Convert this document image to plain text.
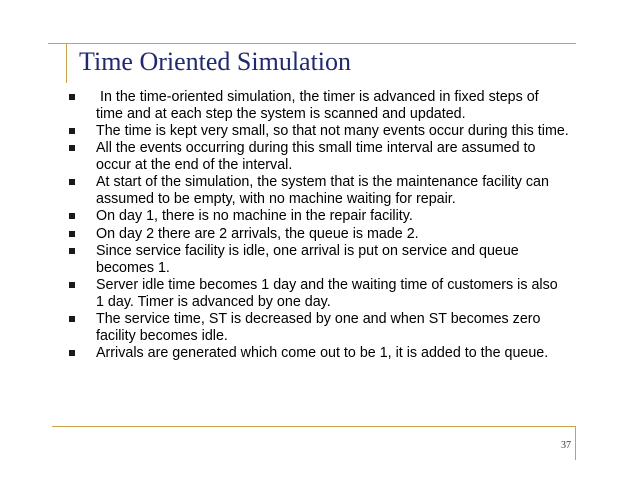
Time Oriented Simulation
In the time-oriented simulation, the timer is advanced in fixed steps of time and at each step the system is scanned and updated.
The time is kept very small, so that not many events occur during this time.
All the events occurring during this small time interval are assumed to occur at the end of the interval.
At start of the simulation, the system that is the maintenance facility can assumed to be empty, with no machine waiting for repair.
On day 1, there is no machine in the repair facility.
On day 2 there are 2 arrivals, the queue is made 2.
Since service facility is idle, one arrival is put on service and queue becomes 1.
Server idle time becomes 1 day and the waiting time of customers is also 1 day. Timer is advanced by one day.
The service time, ST is decreased by one and when ST becomes zero facility becomes idle.
Arrivals are generated which come out to be 1, it is added to the queue.
37
